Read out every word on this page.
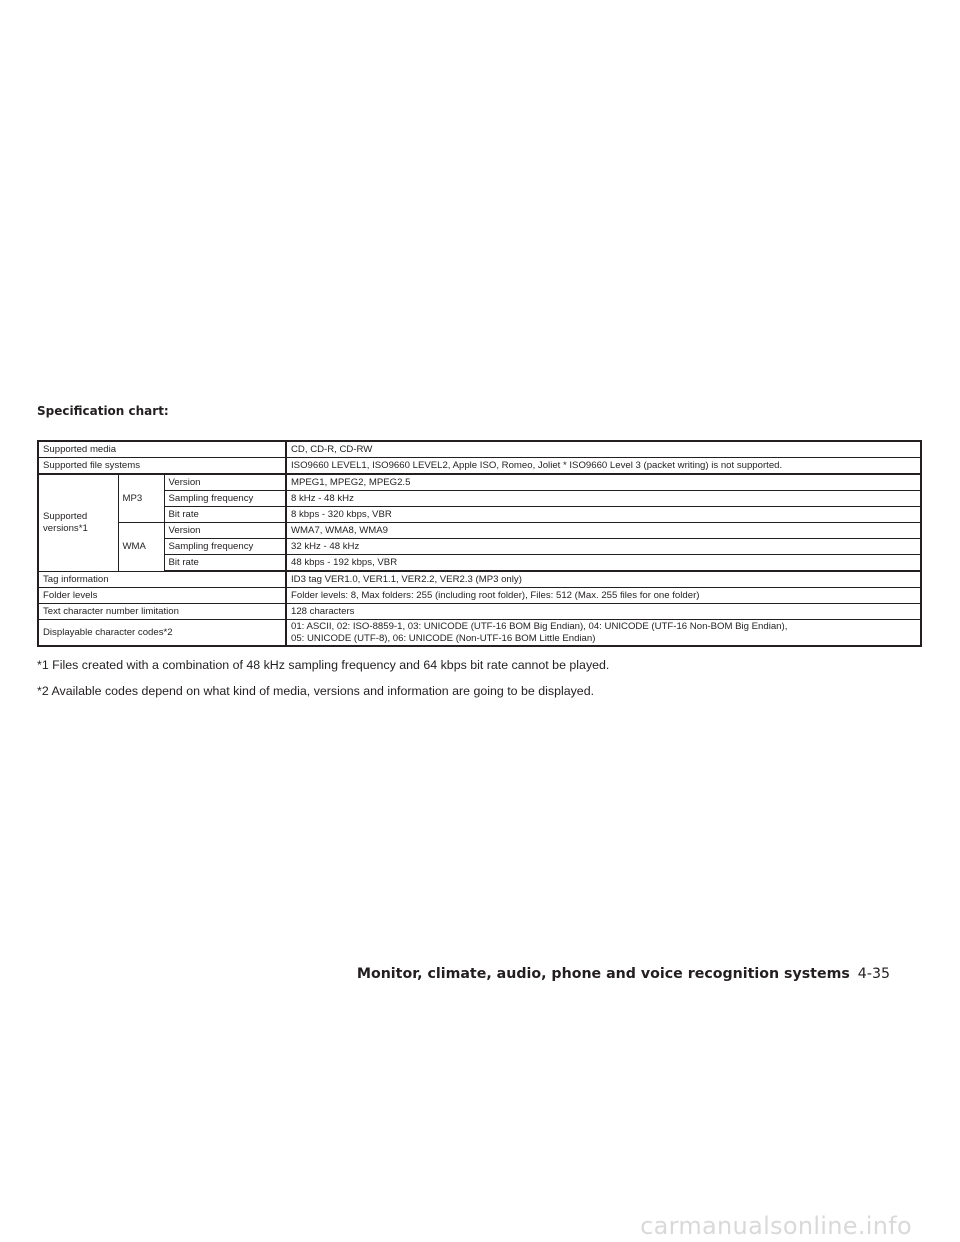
Specification chart:
Supported media			CD, CD-R, CD-RW
Supported file systems			ISO9660 LEVEL1, ISO9660 LEVEL2, Apple ISO, Romeo, Joliet * ISO9660 Level 3 (packet writing) is not supported.
Supported versions*1	MP3	Version	MPEG1, MPEG2, MPEG2.5
		Sampling frequency	8 kHz - 48 kHz
		Bit rate	8 kbps - 320 kbps, VBR
	WMA	Version	WMA7, WMA8, WMA9
		Sampling frequency	32 kHz - 48 kHz
		Bit rate	48 kbps - 192 kbps, VBR
Tag information			ID3 tag VER1.0, VER1.1, VER2.2, VER2.3 (MP3 only)
Folder levels			Folder levels: 8, Max folders: 255 (including root folder), Files: 512 (Max. 255 files for one folder)
Text character number limitation			128 characters
Displayable character codes*2			01: ASCII, 02: ISO-8859-1, 03: UNICODE (UTF-16 BOM Big Endian), 04: UNICODE (UTF-16 Non-BOM Big Endian),
05: UNICODE (UTF-8), 06: UNICODE (Non-UTF-16 BOM Little Endian)

*1 Files created with a combination of 48 kHz sampling frequency and 64 kbps bit rate cannot be played.

*2 Available codes depend on what kind of media, versions and information are going to be displayed.

Monitor, climate, audio, phone and voice recognition systems 4-35
carmanualsonline.info
